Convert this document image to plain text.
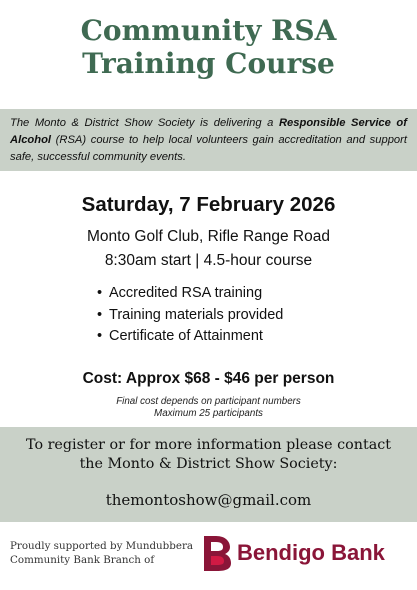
Community RSA
Training Course

The Monto & District Show Society is delivering a Responsible Service of Alcohol (RSA) course to help local volunteers gain accreditation and support safe, successful community events.

Saturday, 7 February 2026

Monto Golf Club, Rifle Range Road

8:30am start | 4.5-hour course

• Accredited RSA training
• Training materials provided
• Certificate of Attainment

Cost: Approx $68 - $46 per person

Final cost depends on participant numbers

Maximum 25 participants

To register or for more information please contact the Monto & District Show Society:

themontoshow@gmail.com

Proudly supported by Mundubbera
Community Bank Branch of	Bendigo Bank
